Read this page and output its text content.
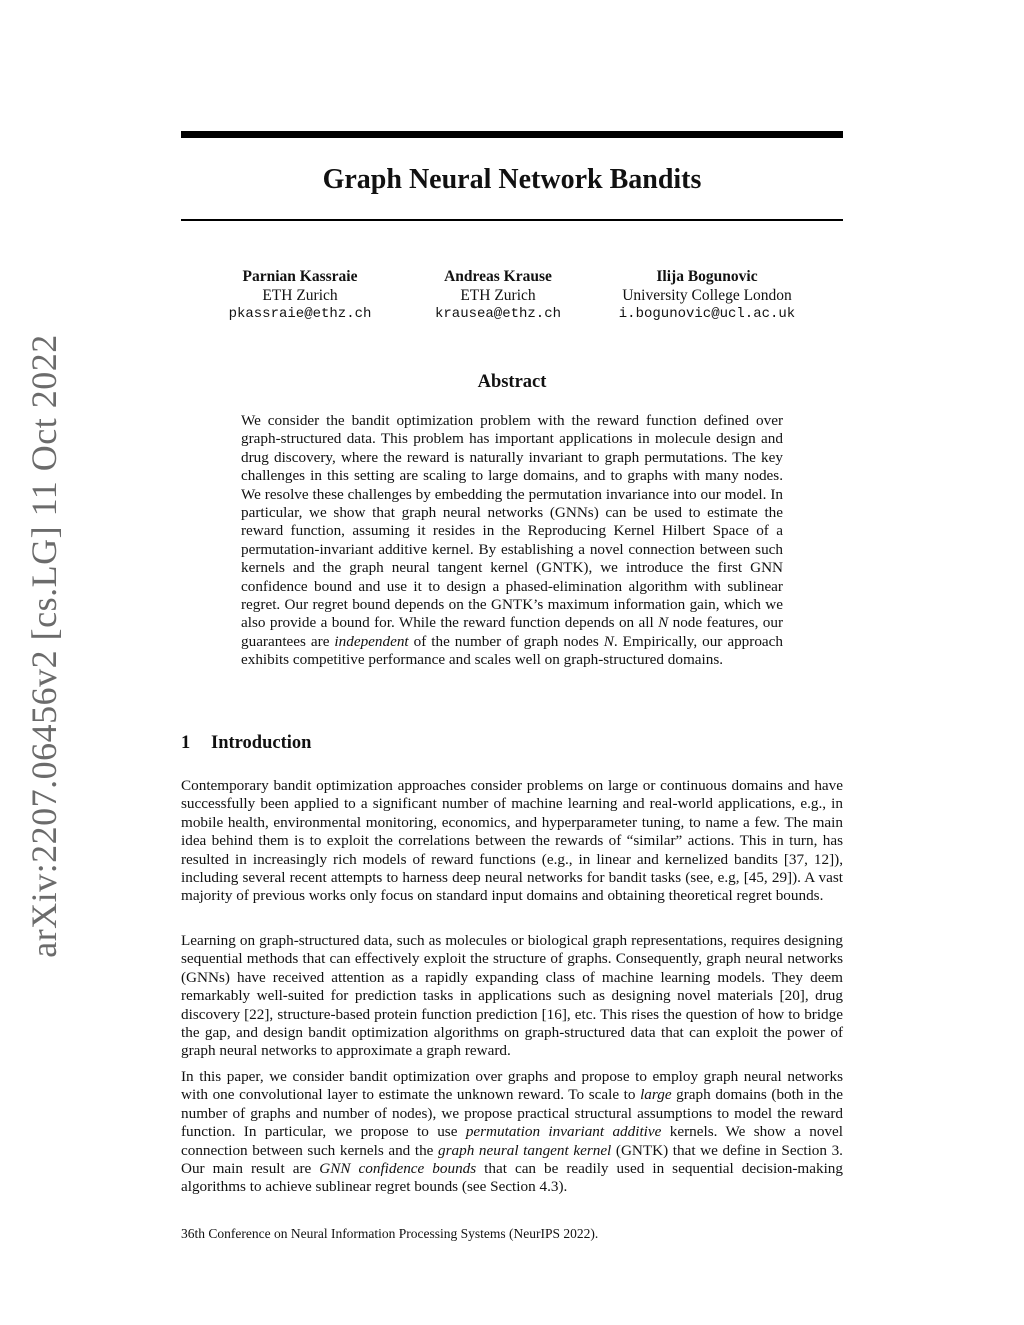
arXiv:2207.06456v2 [cs.LG] 11 Oct 2022
Graph Neural Network Bandits
Parnian Kassraie
ETH Zurich
pkassraie@ethz.ch
Andreas Krause
ETH Zurich
krausea@ethz.ch
Ilija Bogunovic
University College London
i.bogunovic@ucl.ac.uk
Abstract

We consider the bandit optimization problem with the reward function defined over graph-structured data. This problem has important applications in molecule design and drug discovery, where the reward is naturally invariant to graph permutations. The key challenges in this setting are scaling to large domains, and to graphs with many nodes. We resolve these challenges by embedding the permutation invariance into our model. In particular, we show that graph neural networks (GNNs) can be used to estimate the reward function, assuming it resides in the Reproducing Kernel Hilbert Space of a permutation-invariant additive kernel. By establishing a novel connection between such kernels and the graph neural tangent kernel (GNTK), we introduce the first GNN confidence bound and use it to design a phased-elimination algorithm with sublinear regret. Our regret bound depends on the GNTK’s maximum information gain, which we also provide a bound for. While the reward function depends on all N node features, our guarantees are independent of the number of graph nodes N. Empirically, our approach exhibits competitive performance and scales well on graph-structured domains.

1 Introduction

Contemporary bandit optimization approaches consider problems on large or continuous domains and have successfully been applied to a significant number of machine learning and real-world applications, e.g., in mobile health, environmental monitoring, economics, and hyperparameter tuning, to name a few. The main idea behind them is to exploit the correlations between the rewards of “similar” actions. This in turn, has resulted in increasingly rich models of reward functions (e.g., in linear and kernelized bandits [37, 12]), including several recent attempts to harness deep neural networks for bandit tasks (see, e.g, [45, 29]). A vast majority of previous works only focus on standard input domains and obtaining theoretical regret bounds.

Learning on graph-structured data, such as molecules or biological graph representations, requires designing sequential methods that can effectively exploit the structure of graphs. Consequently, graph neural networks (GNNs) have received attention as a rapidly expanding class of machine learning models. They deem remarkably well-suited for prediction tasks in applications such as designing novel materials [20], drug discovery [22], structure-based protein function prediction [16], etc. This rises the question of how to bridge the gap, and design bandit optimization algorithms on graph-structured data that can exploit the power of graph neural networks to approximate a graph reward.

In this paper, we consider bandit optimization over graphs and propose to employ graph neural networks with one convolutional layer to estimate the unknown reward. To scale to large graph domains (both in the number of graphs and number of nodes), we propose practical structural assumptions to model the reward function. In particular, we propose to use permutation invariant additive kernels. We show a novel connection between such kernels and the graph neural tangent kernel (GNTK) that we define in Section 3. Our main result are GNN confidence bounds that can be readily used in sequential decision-making algorithms to achieve sublinear regret bounds (see Section 4.3).

36th Conference on Neural Information Processing Systems (NeurIPS 2022).
